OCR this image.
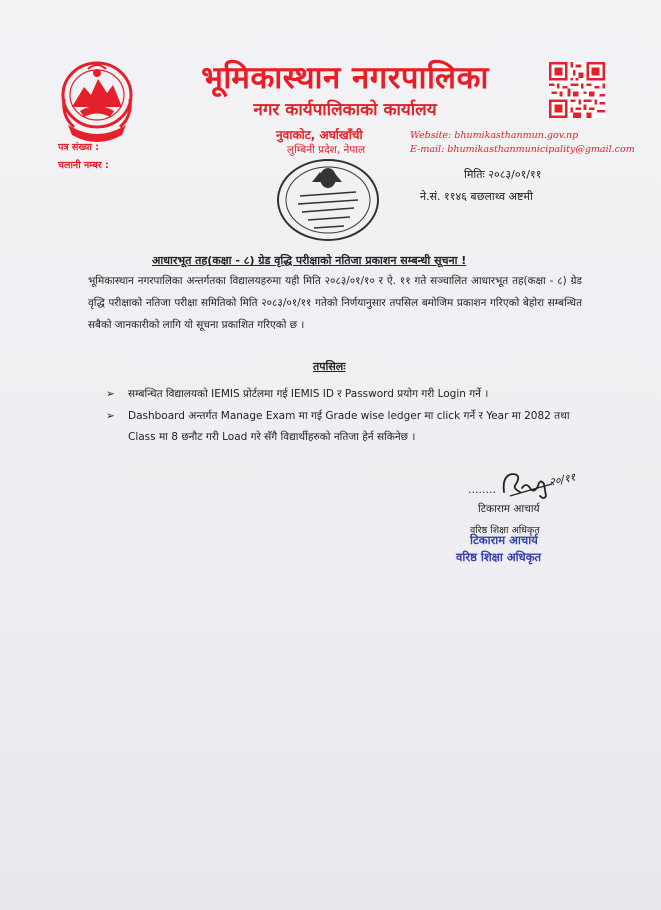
भूमिकास्थान नगरपालिका
नगर कार्यपालिकाको कार्यालय
नुवाकोट, अर्घाखाँची
लुम्बिनी प्रदेश, नेपाल
Website: bhumikasthanmun.gov.np
E-mail: bhumikasthanmunicipality@gmail.com
पत्र संख्या :
चलानी नम्बर :
मितिः २०८३/०१/११
ने.सं. ११४६ बछलाथ्व अष्टमी
आधारभूत तह(कक्षा - ८) ग्रेड वृद्धि परीक्षाको नतिजा प्रकाशन सम्बन्धी सूचना !

भूमिकास्थान नगरपालिका अन्तर्गतका विद्यालयहरुमा यही मिति २०८३/०१/१० र ऐ. ११ गते सञ्चालित आधारभूत तह(कक्षा - ८) ग्रेड वृद्धि परीक्षाको नतिजा परीक्षा समितिको मिति २०८३/०१/११ गतेको निर्णयानुसार तपसिल बमोजिम प्रकाशन गरिएको बेहोरा सम्बन्धित सबैको जानकारीको लागि यो सूचना प्रकाशित गरिएको छ ।

तपसिलः
➢	सम्बन्धित विद्यालयको IEMIS प्रोर्टलमा गई IEMIS ID र Password प्रयोग गरी Login गर्ने ।
➢	Dashboard अन्तर्गत Manage Exam मा गई Grade wise ledger मा click गर्ने र Year मा 2082 तथा Class मा 8 छनौट गरी Load गरे सँगै विद्यार्थीहरुको नतिजा हेर्न सकिनेछ ।
........
२०/११
टिकाराम आचार्य
वरिष्ठ शिक्षा अधिकृत
टिकाराम आचार्य
वरिष्ठ शिक्षा अधिकृत
